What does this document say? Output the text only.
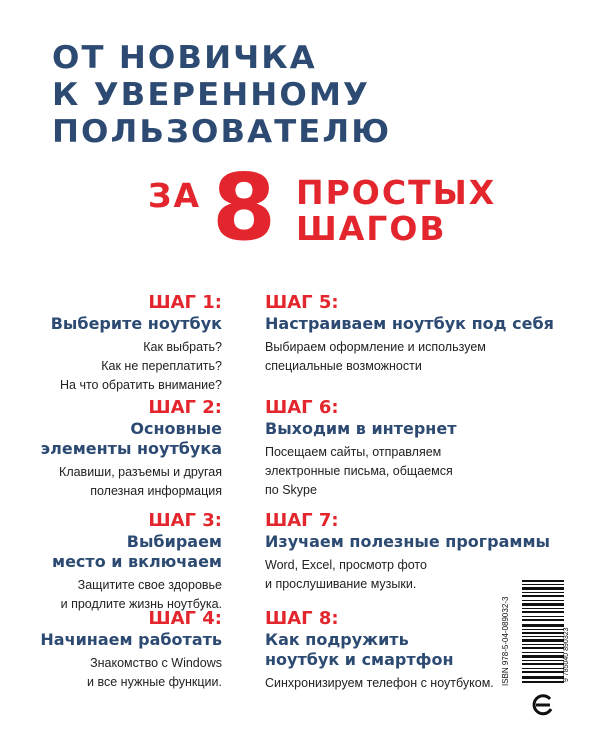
ОТ НОВИЧКА
К УВЕРЕННОМУ
ПОЛЬЗОВАТЕЛЮ
ЗА 8 ПРОСТЫХ
ШАГОВ
ШАГ 1:
Выберите ноутбук
Как выбрать?
Как не переплатить?
На что обратить внимание?
ШАГ 2:
Основные
элементы ноутбука
Клавиши, разъемы и другая
полезная информация
ШАГ 3:
Выбираем
место и включаем
Защитите свое здоровье
и продлите жизнь ноутбука.
ШАГ 4:
Начинаем работать
Знакомство с Windows
и все нужные функции.
ШАГ 5:
Настраиваем ноутбук под себя
Выбираем оформление и используем
специальные возможности
ШАГ 6:
Выходим в интернет
Посещаем сайты, отправляем
электронные письма, общаемся
по Skype
ШАГ 7:
Изучаем полезные программы
Word, Excel, просмотр фото
и прослушивание музыки.
ШАГ 8:
Как подружить
ноутбук и смартфон
Синхронизируем телефон с ноутбуком.
9 785040 890323
ISBN 978-5-04-089032-3
